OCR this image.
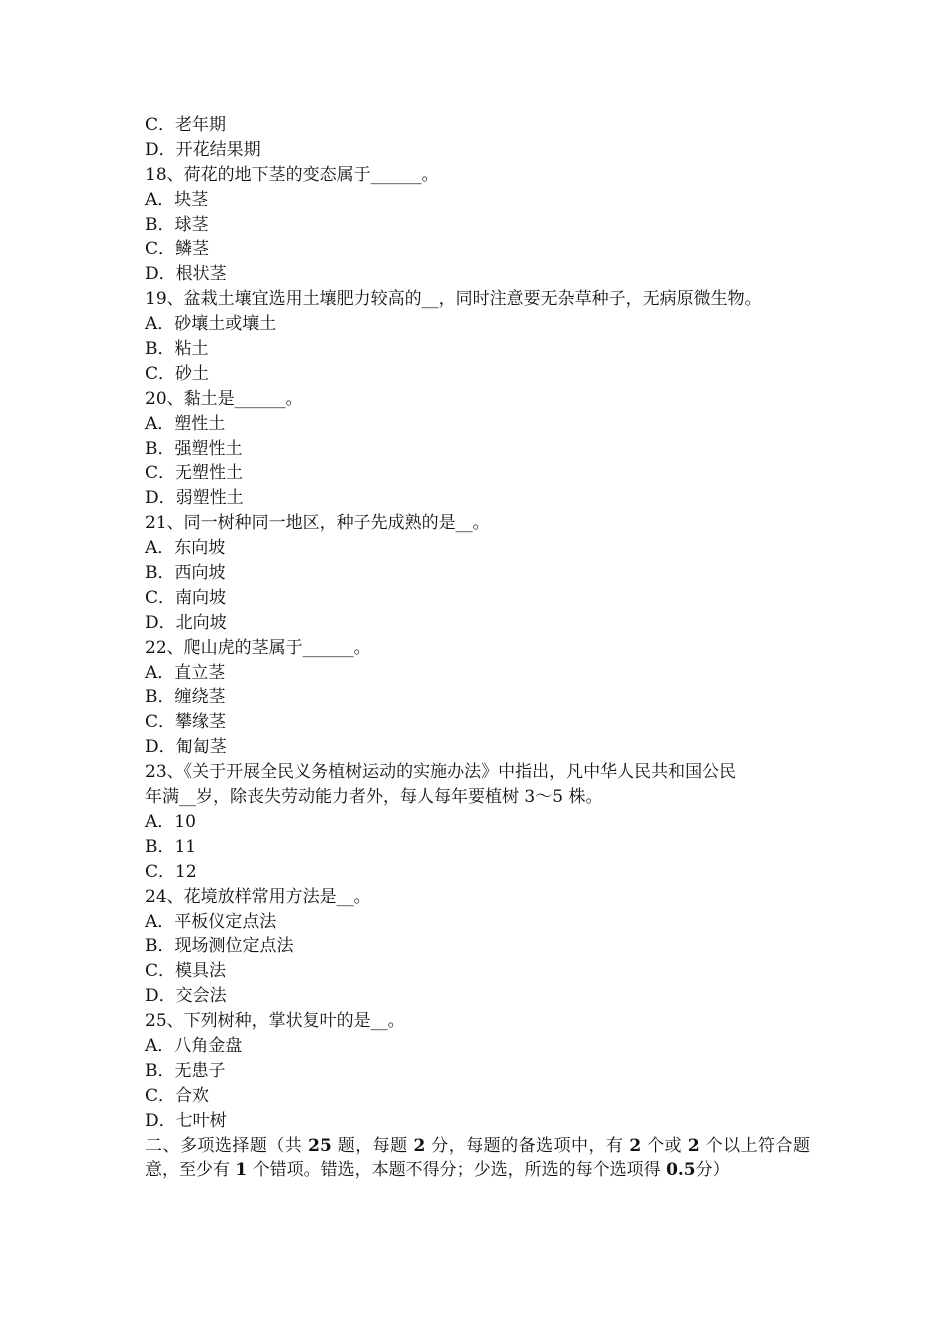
C．老年期

D．开花结果期

18、荷花的地下茎的变态属于______。

A．块茎

B．球茎

C．鳞茎

D．根状茎

19、盆栽土壤宜选用土壤肥力较高的__，同时注意要无杂草种子，无病原微生物。

A．砂壤土或壤土

B．粘土

C．砂土

20、黏土是______。

A．塑性土

B．强塑性土

C．无塑性土

D．弱塑性土

21、同一树种同一地区，种子先成熟的是__。

A．东向坡

B．西向坡

C．南向坡

D．北向坡

22、爬山虎的茎属于______。

A．直立茎

B．缠绕茎

C．攀缘茎

D．匍匐茎

23、《关于开展全民义务植树运动的实施办法》中指出，凡中华人民共和国公民

年满__岁，除丧失劳动能力者外，每人每年要植树 3～5 株。

A．10

B．11

C．12

24、花境放样常用方法是__。

A．平板仪定点法

B．现场测位定点法

C．模具法

D．交会法

25、下列树种，掌状复叶的是__。

A．八角金盘

B．无患子

C．合欢

D．七叶树

二、多项选择题（共 25 题，每题 2 分，每题的备选项中，有 2 个或 2 个以上符合题意，至少有 1 个错项。错选，本题不得分；少选，所选的每个选项得 0.5分）
